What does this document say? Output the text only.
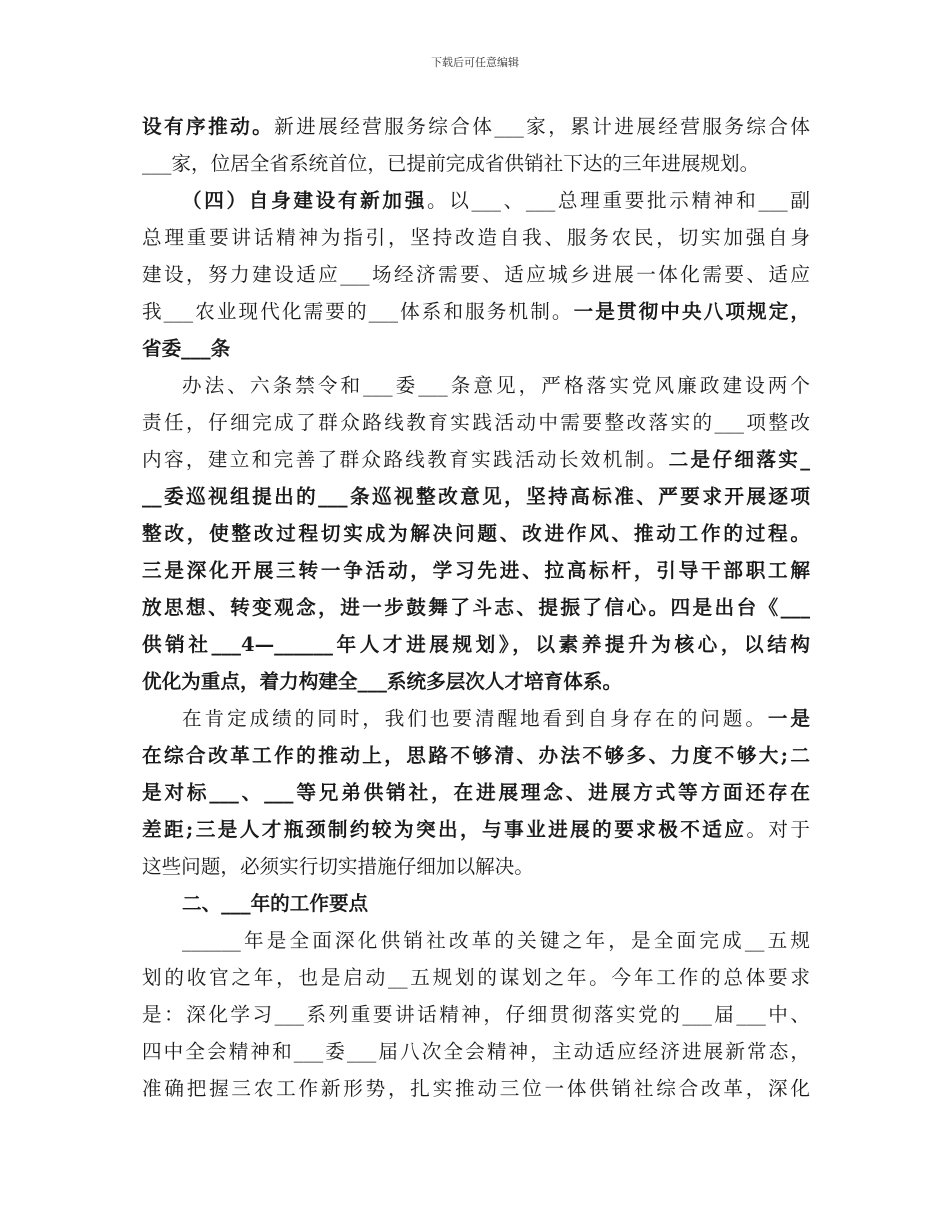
下载后可任意编辑
设有序推动。新进展经营服务综合体___家，累计进展经营服务综合体
___家，位居全省系统首位，已提前完成省供销社下达的三年进展规划。
（四）自身建设有新加强。以___、___总理重要批示精神和___副
总理重要讲话精神为指引，坚持改造自我、服务农民，切实加强自身
建设，努力建设适应___场经济需要、适应城乡进展一体化需要、适应
我___农业现代化需要的___体系和服务机制。一是贯彻中央八项规定，
省委___条
办法、六条禁令和___委___条意见，严格落实党风廉政建设两个
责任，仔细完成了群众路线教育实践活动中需要整改落实的___项整改
内容，建立和完善了群众路线教育实践活动长效机制。二是仔细落实_
__委巡视组提出的___条巡视整改意见，坚持高标准、严要求开展逐项
整改，使整改过程切实成为解决问题、改进作风、推动工作的过程。
三是深化开展三转一争活动，学习先进、拉高标杆，引导干部职工解
放思想、转变观念，进一步鼓舞了斗志、提振了信心。四是出台《___
供销社___4—______年人才进展规划》，以素养提升为核心，以结构
优化为重点，着力构建全___系统多层次人才培育体系。
在肯定成绩的同时，我们也要清醒地看到自身存在的问题。一是
在综合改革工作的推动上，思路不够清、办法不够多、力度不够大;二
是对标___、___等兄弟供销社，在进展理念、进展方式等方面还存在
差距;三是人才瓶颈制约较为突出，与事业进展的要求极不适应。对于
这些问题，必须实行切实措施仔细加以解决。
二、___年的工作要点
______年是全面深化供销社改革的关键之年，是全面完成__五规
划的收官之年，也是启动__五规划的谋划之年。今年工作的总体要求
是：深化学习___系列重要讲话精神，仔细贯彻落实党的___届___中、
四中全会精神和___委___届八次全会精神，主动适应经济进展新常态，
准确把握三农工作新形势，扎实推动三位一体供销社综合改革，深化
